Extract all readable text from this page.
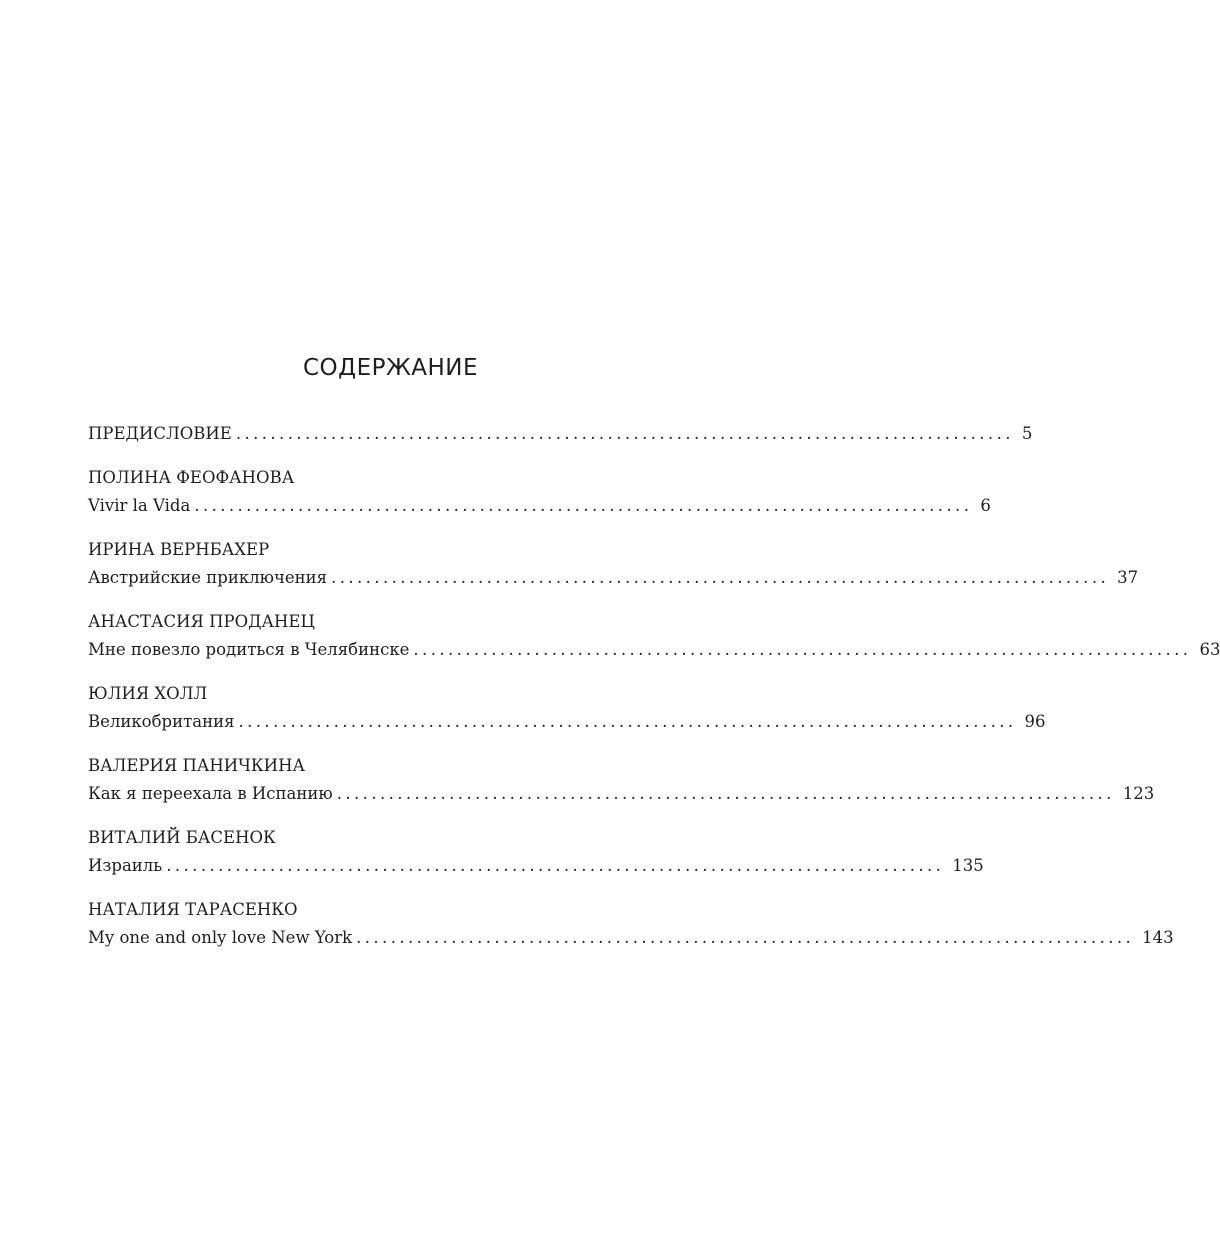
СОДЕРЖАНИЕ
ПРЕДИСЛОВИЕ .......................................................................................... 5
ПОЛИНА ФЕОФАНОВА
Vivir la Vida .......................................................................................... 6
ИРИНА ВЕРНБАХЕР
Австрийские приключения .......................................................................................... 37
АНАСТАСИЯ ПРОДАНЕЦ
Мне повезло родиться в Челябинске .......................................................................................... 63
ЮЛИЯ ХОЛЛ
Великобритания .......................................................................................... 96
ВАЛЕРИЯ ПАНИЧКИНА
Как я переехала в Испанию .......................................................................................... 123
ВИТАЛИЙ БАСЕНОК
Израиль .......................................................................................... 135
НАТАЛИЯ ТАРАСЕНКО
My one and only love New York .......................................................................................... 143
